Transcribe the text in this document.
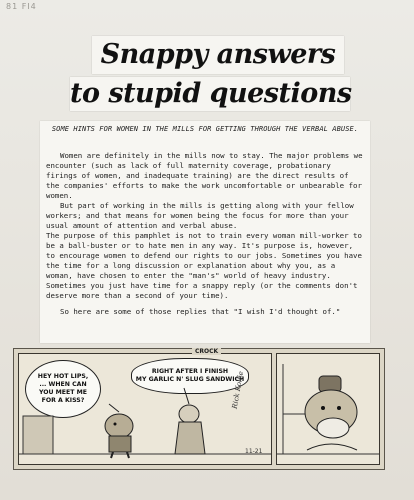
81 FI4
Snappy answers
to stupid questions
SOME HINTS FOR WOMEN IN THE MILLS FOR GETTING THROUGH THE VERBAL ABUSE.

Women are definitely in the mills now to stay. The major problems we encounter (such as lack of full maternity coverage, probationary firings of women, and inadequate training) are the direct results of the companies' efforts to make the work uncomfortable or unbearable for women.

But part of working in the mills is getting along with your fellow workers; and that means for women being the focus for more than your usual amount of attention and verbal abuse.

The purpose of this pamphlet is not to train every woman mill-worker to be a ball-buster or to hate men in any way. It's purpose is, however, to encourage women to defend our rights to our jobs. Sometimes you have the time for a long discussion or explanation about why you, as a woman, have chosen to enter the "man's" world of heavy industry. Sometimes you just have time for a snappy reply (or the comments don't deserve more than a second of your time).

So here are some of those replies that "I wish I'd thought of."

HEY HOT LIPS,
... WHEN CAN
YOU MEET ME
FOR A KISS?
RIGHT AFTER I FINISH
MY GARLIC N' SLUG SANDWICH
Rick Kollie
11-21
CROCK
